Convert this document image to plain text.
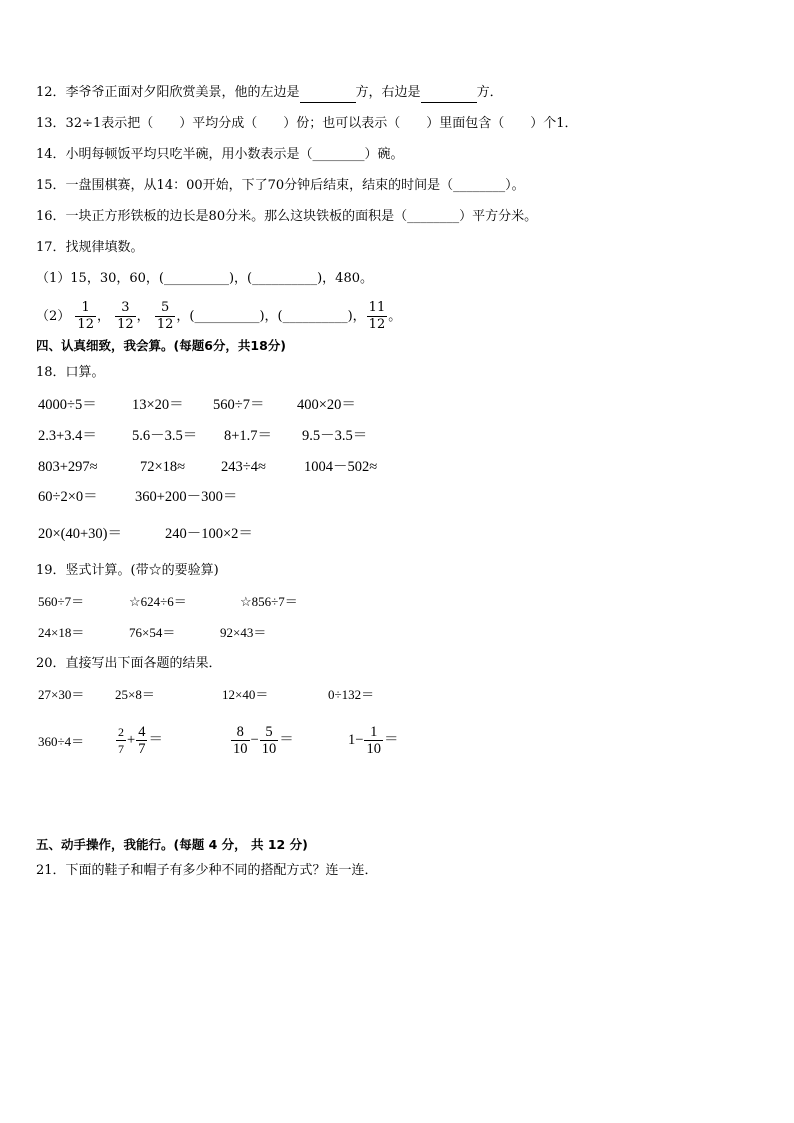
12．李爷爷正面对夕阳欣赏美景，他的左边是	方，右边是	方．
13．32÷1表示把（　　）平均分成（　　）份；也可以表示（　　）里面包含（　　）个1．
14．小明每顿饭平均只吃半碗，用小数表示是（________）碗。
15．一盘围棋赛，从14：00开始，下了70分钟后结束，结束的时间是（________）。
16．一块正方形铁板的边长是80分米。那么这块铁板的面积是（________）平方分米。
17．找规律填数。
（1）15，30，60，(__________)，(__________)，480。
$(2) \frac{1}{12}$ ， $\frac{3}{12}$ ， $\frac{5}{12}$ ，(__________)，(__________)， $\frac{11}{12}$ 。
四、认真细致，我会算。(每题6分，共18分)
18．口算。
4000÷5＝ 13×20＝ 560÷7＝ 400×20＝
2.3+3.4＝ 5.6－3.5＝ 8+1.7＝ 9.5－3.5＝
803+297≈	72×18≈ 243÷4≈	1004－502≈
60÷2×0＝	360+200－300＝
20×(40+30)＝	240－100×2＝
19．竖式计算。(带☆的要验算)
560÷7＝	☆624÷6＝	☆856÷7＝
24×18＝	76×54＝	92×43＝
20．直接写出下面各题的结果．
27×30＝ 25×8＝	12×40＝	0÷132＝
360÷4＝	$\frac{2}{7} + \frac{4}{7}$ ＝	$\frac{8}{10} - \frac{5}{10}$ ＝	$1- \frac{1}{10}$ ＝
五、动手操作，我能行。(每题 4 分， 共 12 分)
21．下面的鞋子和帽子有多少种不同的搭配方式？连一连．
